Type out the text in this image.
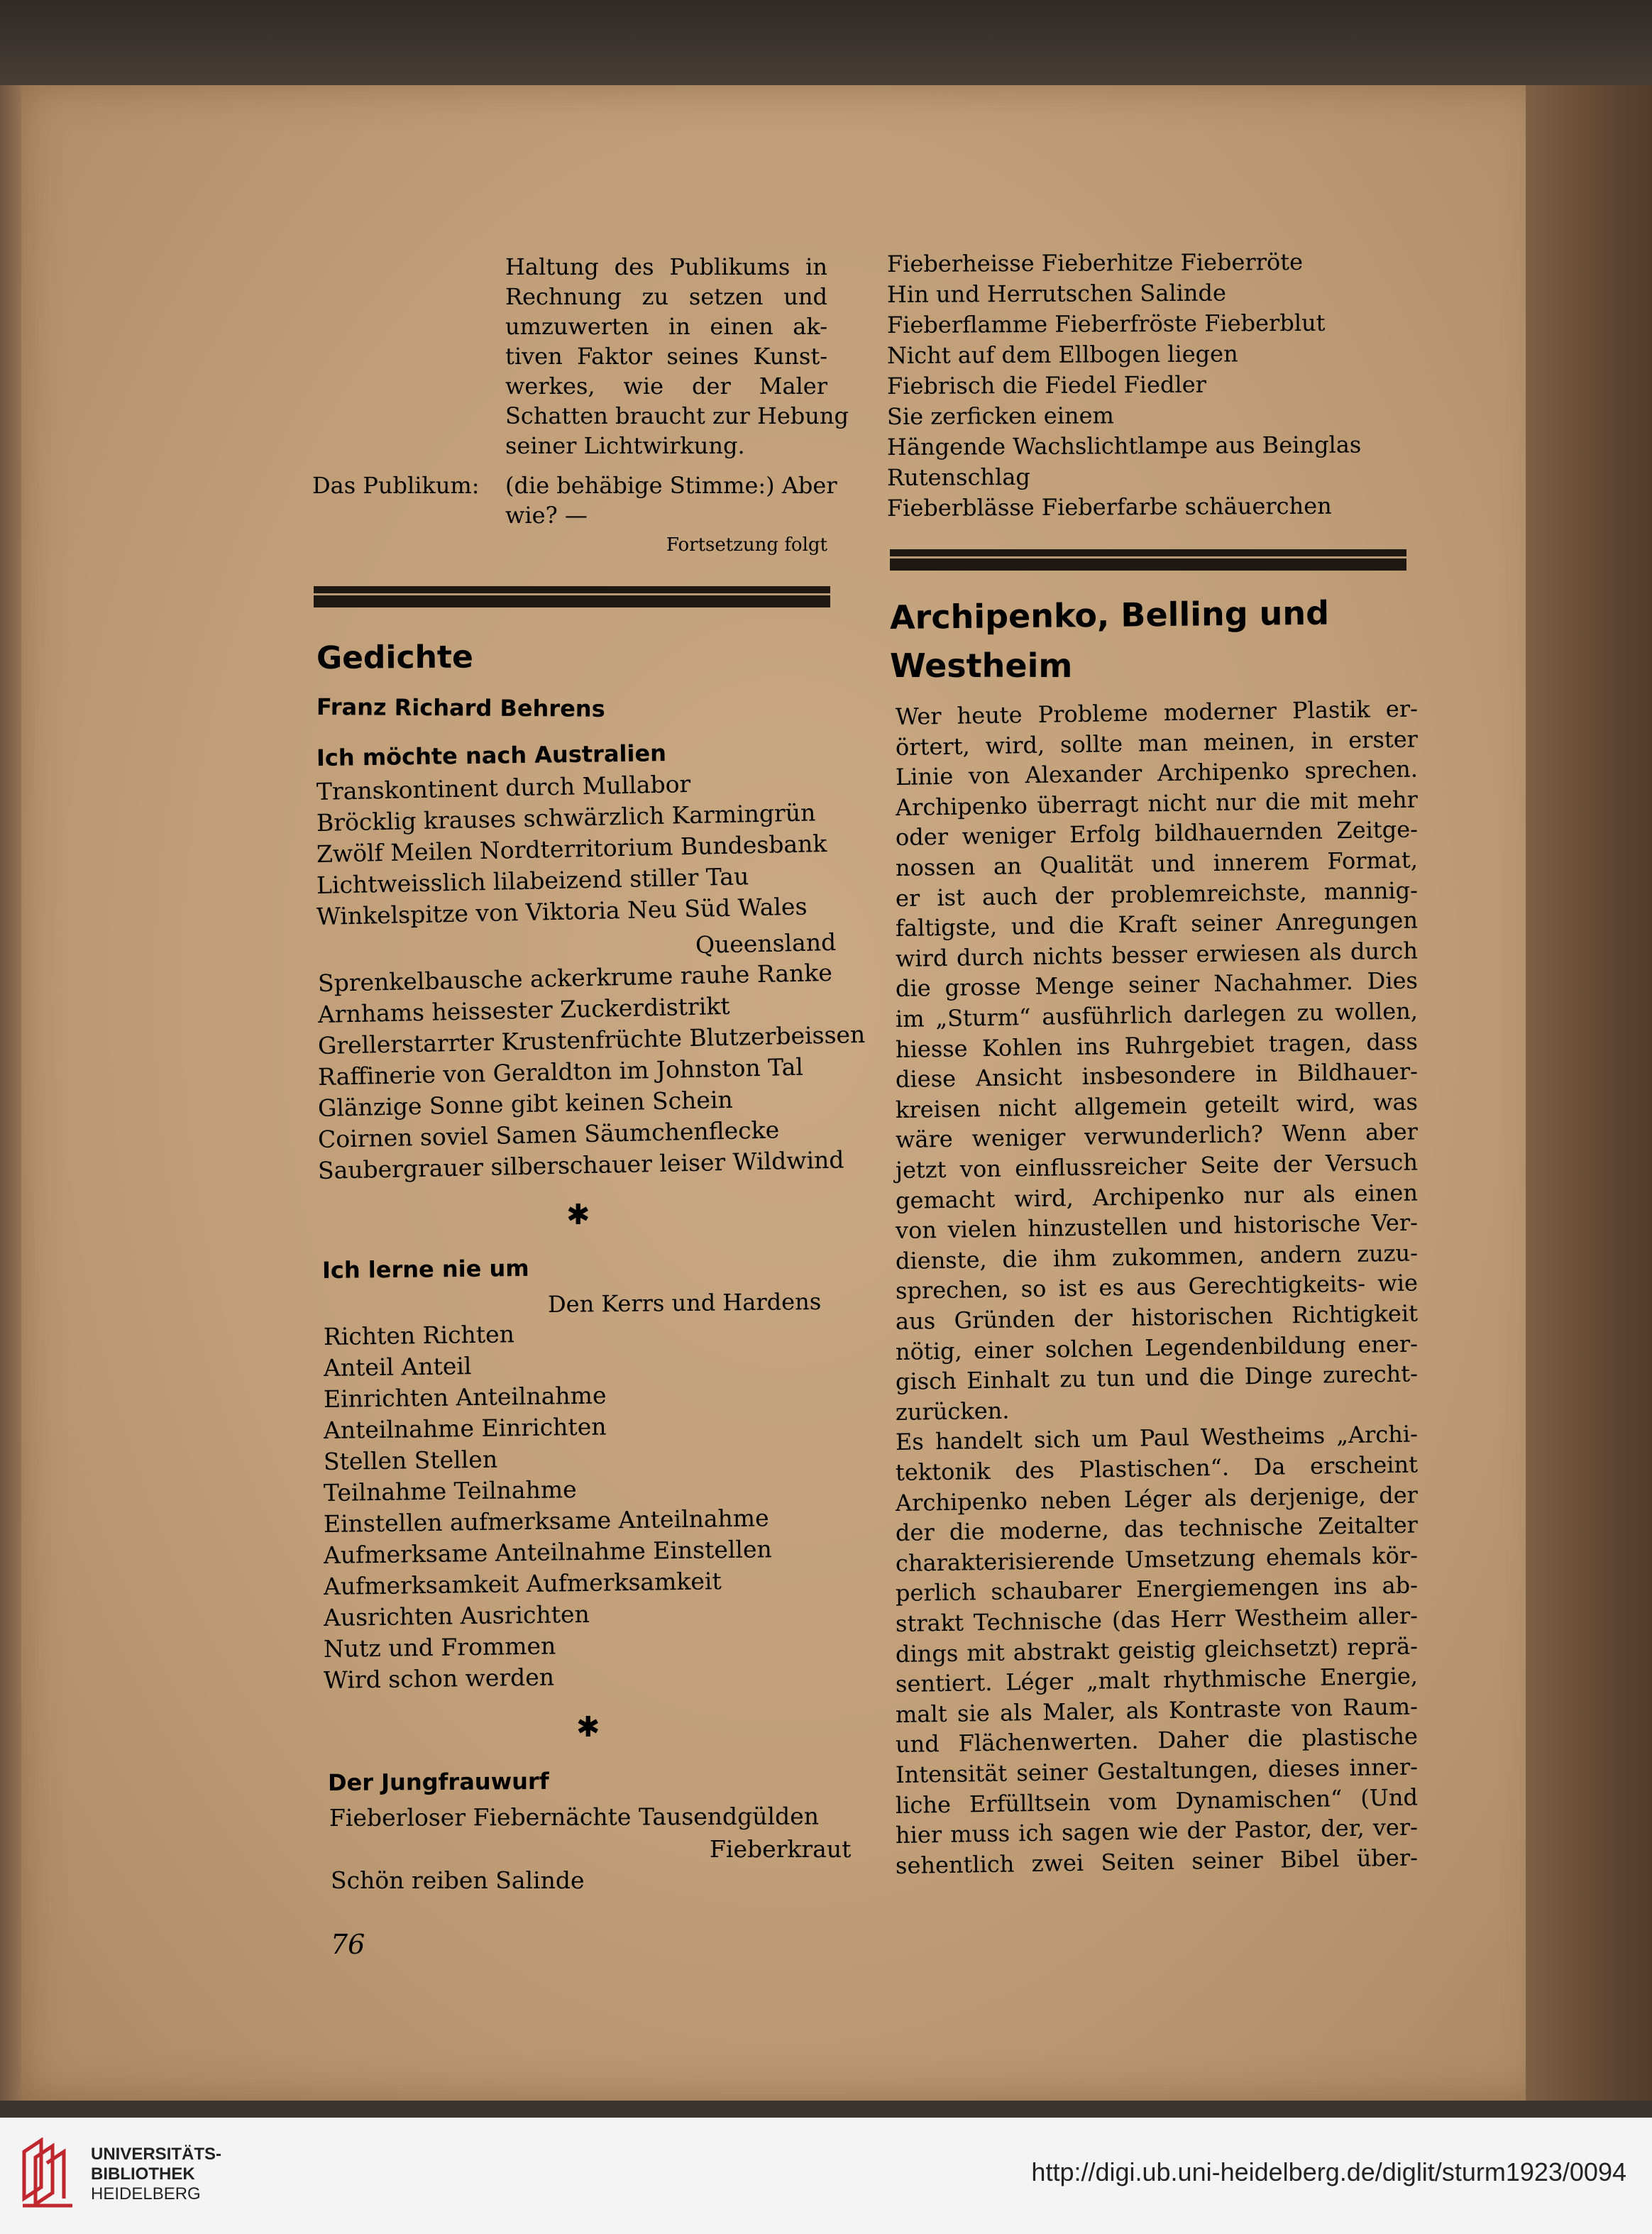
Haltung des Publikums in
Rechnung zu setzen und
umzuwerten in einen ak-
tiven Faktor seines Kunst-
werkes, wie der Maler
Schatten braucht zur Hebung
seiner Lichtwirkung.
Das Publikum: (die behäbige Stimme:) Aber
wie? —
Fortsetzung folgt
Gedichte
Franz Richard Behrens
Ich möchte nach Australien
Transkontinent durch Mullabor
Bröcklig krauses schwärzlich Karmingrün
Zwölf Meilen Nordterritorium Bundesbank
Lichtweisslich lilabeizend stiller Tau
Winkelspitze von Viktoria Neu Süd Wales
Queensland
Sprenkelbausche ackerkrume rauhe Ranke
Arnhams heissester Zuckerdistrikt
Grellerstarrter Krustenfrüchte Blutzerbeissen
Raffinerie von Geraldton im Johnston Tal
Glänzige Sonne gibt keinen Schein
Coirnen soviel Samen Säumchenflecke
Saubergrauer silberschauer leiser Wildwind
✱
Ich lerne nie um
Den Kerrs und Hardens
Richten Richten
Anteil Anteil
Einrichten Anteilnahme
Anteilnahme Einrichten
Stellen Stellen
Teilnahme Teilnahme
Einstellen aufmerksame Anteilnahme
Aufmerksame Anteilnahme Einstellen
Aufmerksamkeit Aufmerksamkeit
Ausrichten Ausrichten
Nutz und Frommen
Wird schon werden
✱
Der Jungfrauwurf
Fieberloser Fiebernächte Tausendgülden
Fieberkraut
Schön reiben Salinde
76
Fieberheisse Fieberhitze Fieberröte
Hin und Herrutschen Salinde
Fieberflamme Fieberfröste Fieberblut
Nicht auf dem Ellbogen liegen
Fiebrisch die Fiedel Fiedler
Sie zerficken einem
Hängende Wachslichtlampe aus Beinglas
Rutenschlag
Fieberblässe Fieberfarbe schäuerchen
Archipenko, Belling und
Westheim
Wer heute Probleme moderner Plastik er-
örtert, wird, sollte man meinen, in erster
Linie von Alexander Archipenko sprechen.
Archipenko überragt nicht nur die mit mehr
oder weniger Erfolg bildhauernden Zeitge-
nossen an Qualität und innerem Format,
er ist auch der problemreichste, mannig-
faltigste, und die Kraft seiner Anregungen
wird durch nichts besser erwiesen als durch
die grosse Menge seiner Nachahmer. Dies
im „Sturm“ ausführlich darlegen zu wollen,
hiesse Kohlen ins Ruhrgebiet tragen, dass
diese Ansicht insbesondere in Bildhauer-
kreisen nicht allgemein geteilt wird, was
wäre weniger verwunderlich? Wenn aber
jetzt von einflussreicher Seite der Versuch
gemacht wird, Archipenko nur als einen
von vielen hinzustellen und historische Ver-
dienste, die ihm zukommen, andern zuzu-
sprechen, so ist es aus Gerechtigkeits- wie
aus Gründen der historischen Richtigkeit
nötig, einer solchen Legendenbildung ener-
gisch Einhalt zu tun und die Dinge zurecht-
zurücken.
Es handelt sich um Paul Westheims „Archi-
tektonik des Plastischen“. Da erscheint
Archipenko neben Léger als derjenige, der
der die moderne, das technische Zeitalter
charakterisierende Umsetzung ehemals kör-
perlich schaubarer Energiemengen ins ab-
strakt Technische (das Herr Westheim aller-
dings mit abstrakt geistig gleichsetzt) reprä-
sentiert. Léger „malt rhythmische Energie,
malt sie als Maler, als Kontraste von Raum-
und Flächenwerten. Daher die plastische
Intensität seiner Gestaltungen, dieses inner-
liche Erfülltsein vom Dynamischen“ (Und
hier muss ich sagen wie der Pastor, der, ver-
sehentlich zwei Seiten seiner Bibel über-
UNIVERSITÄTS-
BIBLIOTHEK
HEIDELBERG
http://digi.ub.uni-heidelberg.de/diglit/sturm1923/0094
